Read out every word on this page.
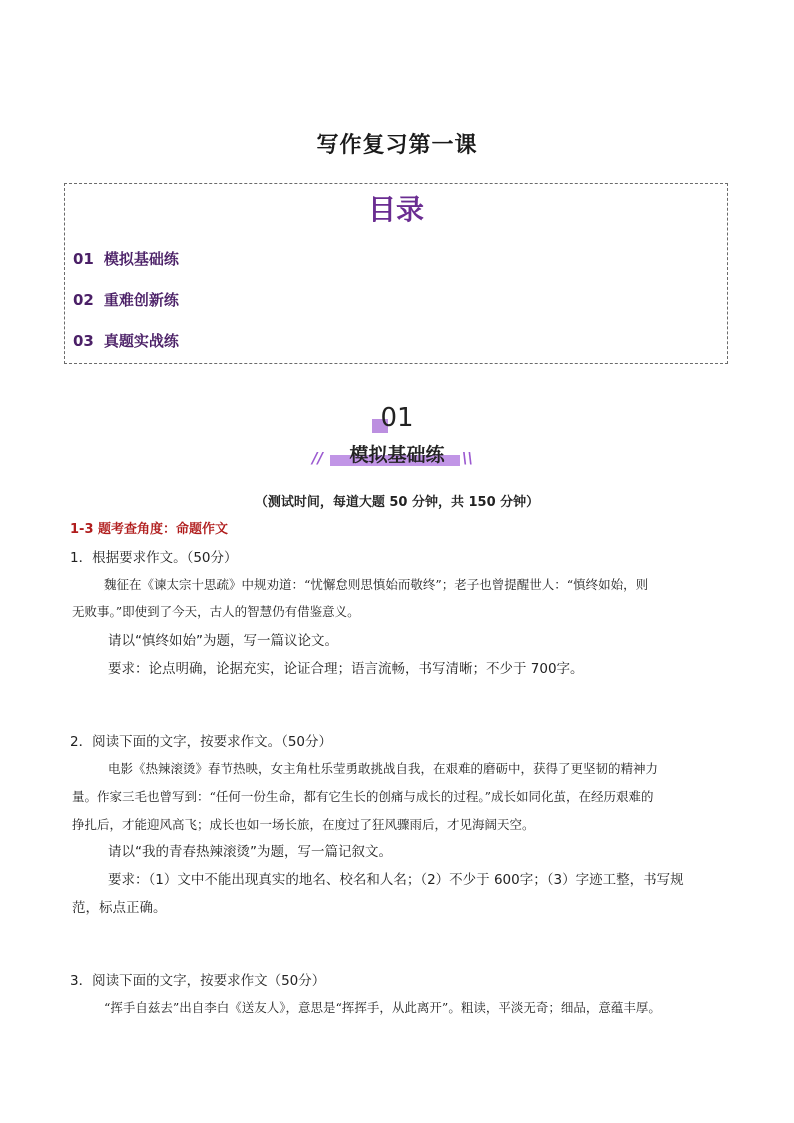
写作复习第一课
目录
01 模拟基础练
02 重难创新练
03 真题实战练
01
//	模拟基础练	\\
（测试时间，每道大题 50 分钟，共 150 分钟）
1-3 题考查角度：命题作文
1．根据要求作文。（50分）
魏征在《谏太宗十思疏》中规劝道：“忧懈怠则思慎始而敬终”；老子也曾提醒世人：“慎终如始，则
无败事。”即使到了今天，古人的智慧仍有借鉴意义。
请以“慎终如始”为题，写一篇议论文。
要求：论点明确，论据充实，论证合理；语言流畅，书写清晰；不少于 700字。
2．阅读下面的文字，按要求作文。（50分）
电影《热辣滚烫》春节热映，女主角杜乐莹勇敢挑战自我，在艰难的磨砺中，获得了更坚韧的精神力
量。作家三毛也曾写到：“任何一份生命，都有它生长的创痛与成长的过程。”成长如同化茧，在经历艰难的
挣扎后，才能迎风高飞；成长也如一场长旅，在度过了狂风骤雨后，才见海阔天空。
请以“我的青春热辣滚烫”为题，写一篇记叙文。
要求：（1）文中不能出现真实的地名、校名和人名；（2）不少于 600字；（3）字迹工整，书写规
范，标点正确。
3．阅读下面的文字，按要求作文（50分）
“挥手自兹去”出自李白《送友人》，意思是“挥挥手，从此离开”。粗读，平淡无奇；细品，意蕴丰厚。
